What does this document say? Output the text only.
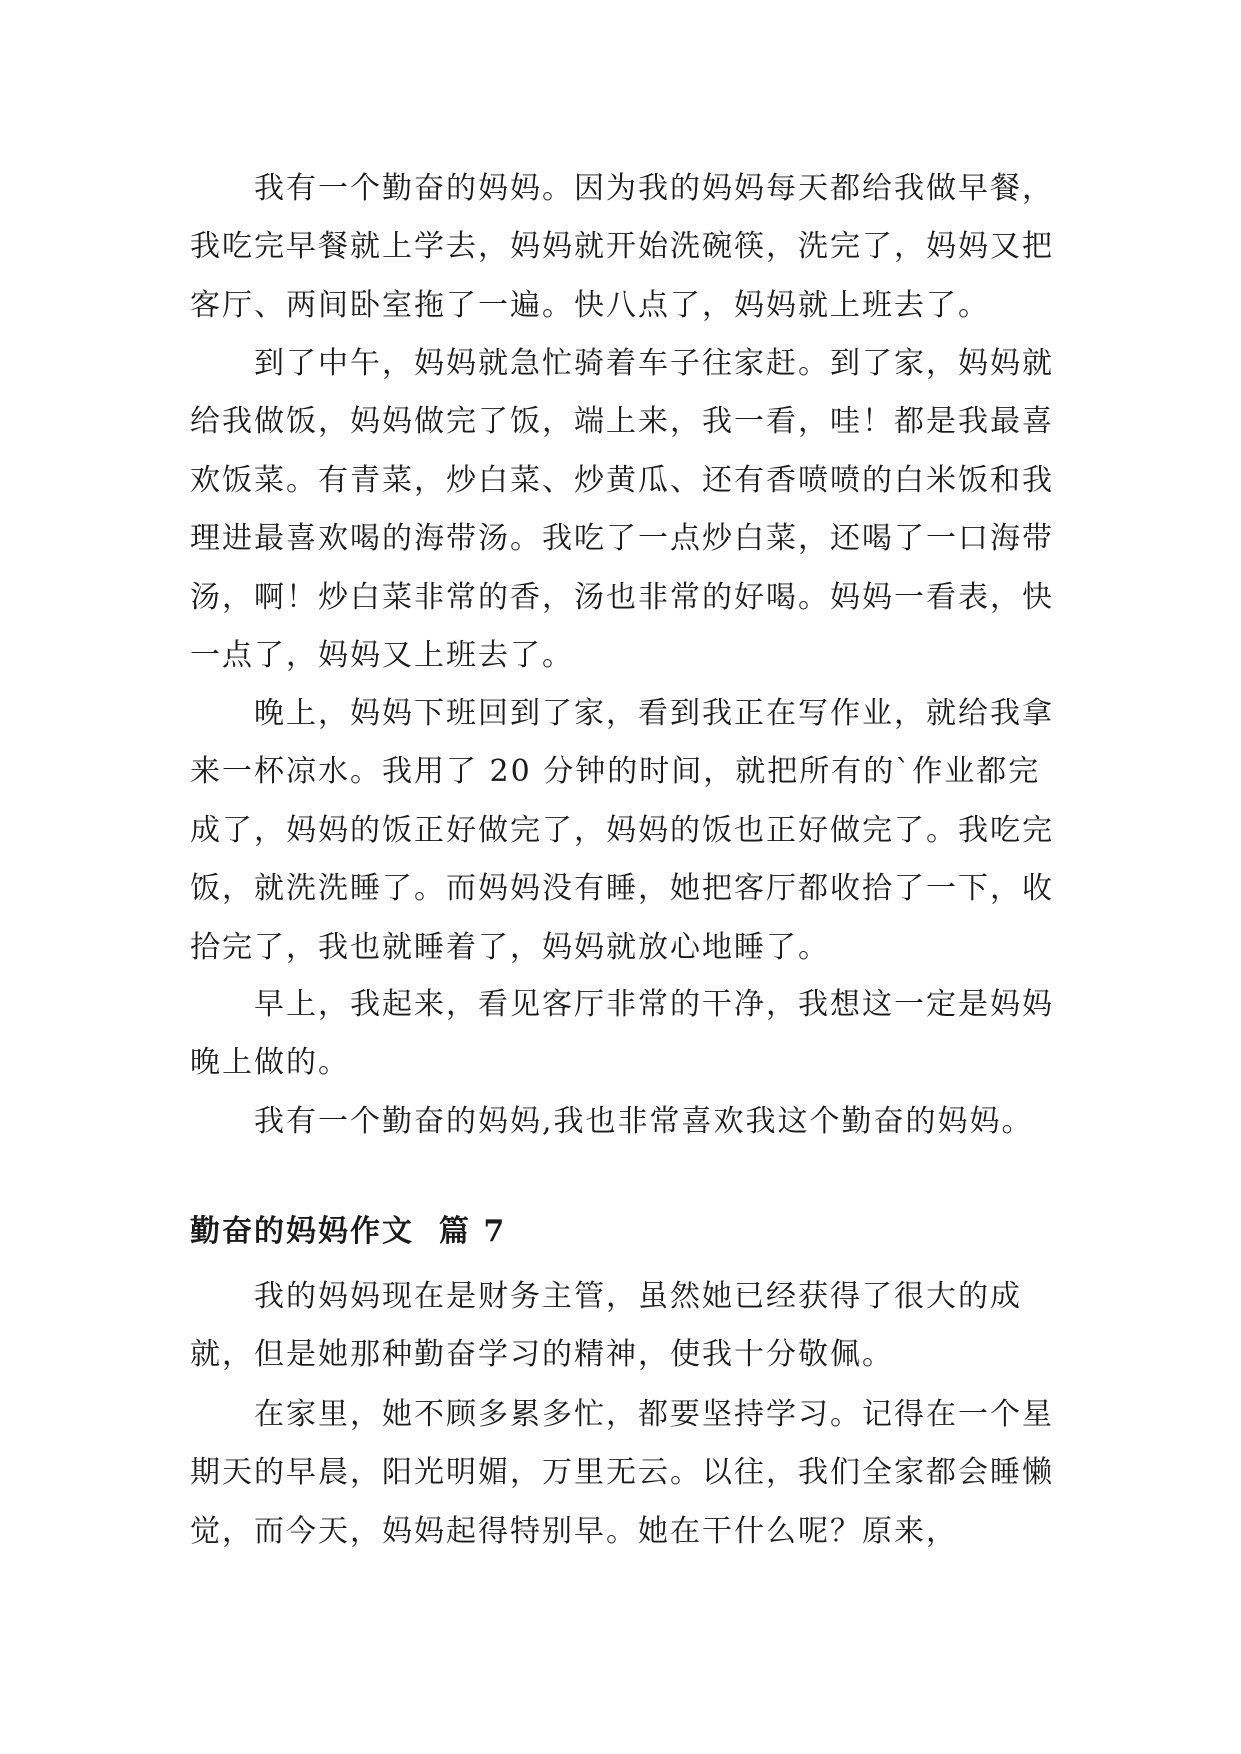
我有一个勤奋的妈妈。因为我的妈妈每天都给我做早餐，我吃完早餐就上学去，妈妈就开始洗碗筷，洗完了，妈妈又把客厅、两间卧室拖了一遍。快八点了，妈妈就上班去了。

到了中午，妈妈就急忙骑着车子往家赶。到了家，妈妈就给我做饭，妈妈做完了饭，端上来，我一看，哇！都是我最喜欢饭菜。有青菜，炒白菜、炒黄瓜、还有香喷喷的白米饭和我理进最喜欢喝的海带汤。我吃了一点炒白菜，还喝了一口海带汤，啊！炒白菜非常的香，汤也非常的好喝。妈妈一看表，快一点了，妈妈又上班去了。

晚上，妈妈下班回到了家，看到我正在写作业，就给我拿来一杯凉水。我用了 20 分钟的时间，就把所有的`作业都完成了，妈妈的饭正好做完了，妈妈的饭也正好做完了。我吃完饭，就洗洗睡了。而妈妈没有睡，她把客厅都收拾了一下，收拾完了，我也就睡着了，妈妈就放心地睡了。

早上，我起来，看见客厅非常的干净，我想这一定是妈妈晚上做的。

我有一个勤奋的妈妈,我也非常喜欢我这个勤奋的妈妈。

勤奋的妈妈作文  篇 7

我的妈妈现在是财务主管，虽然她已经获得了很大的成就，但是她那种勤奋学习的精神，使我十分敬佩。

在家里，她不顾多累多忙，都要坚持学习。记得在一个星期天的早晨，阳光明媚，万里无云。以往，我们全家都会睡懒觉，而今天，妈妈起得特别早。她在干什么呢？原来，
